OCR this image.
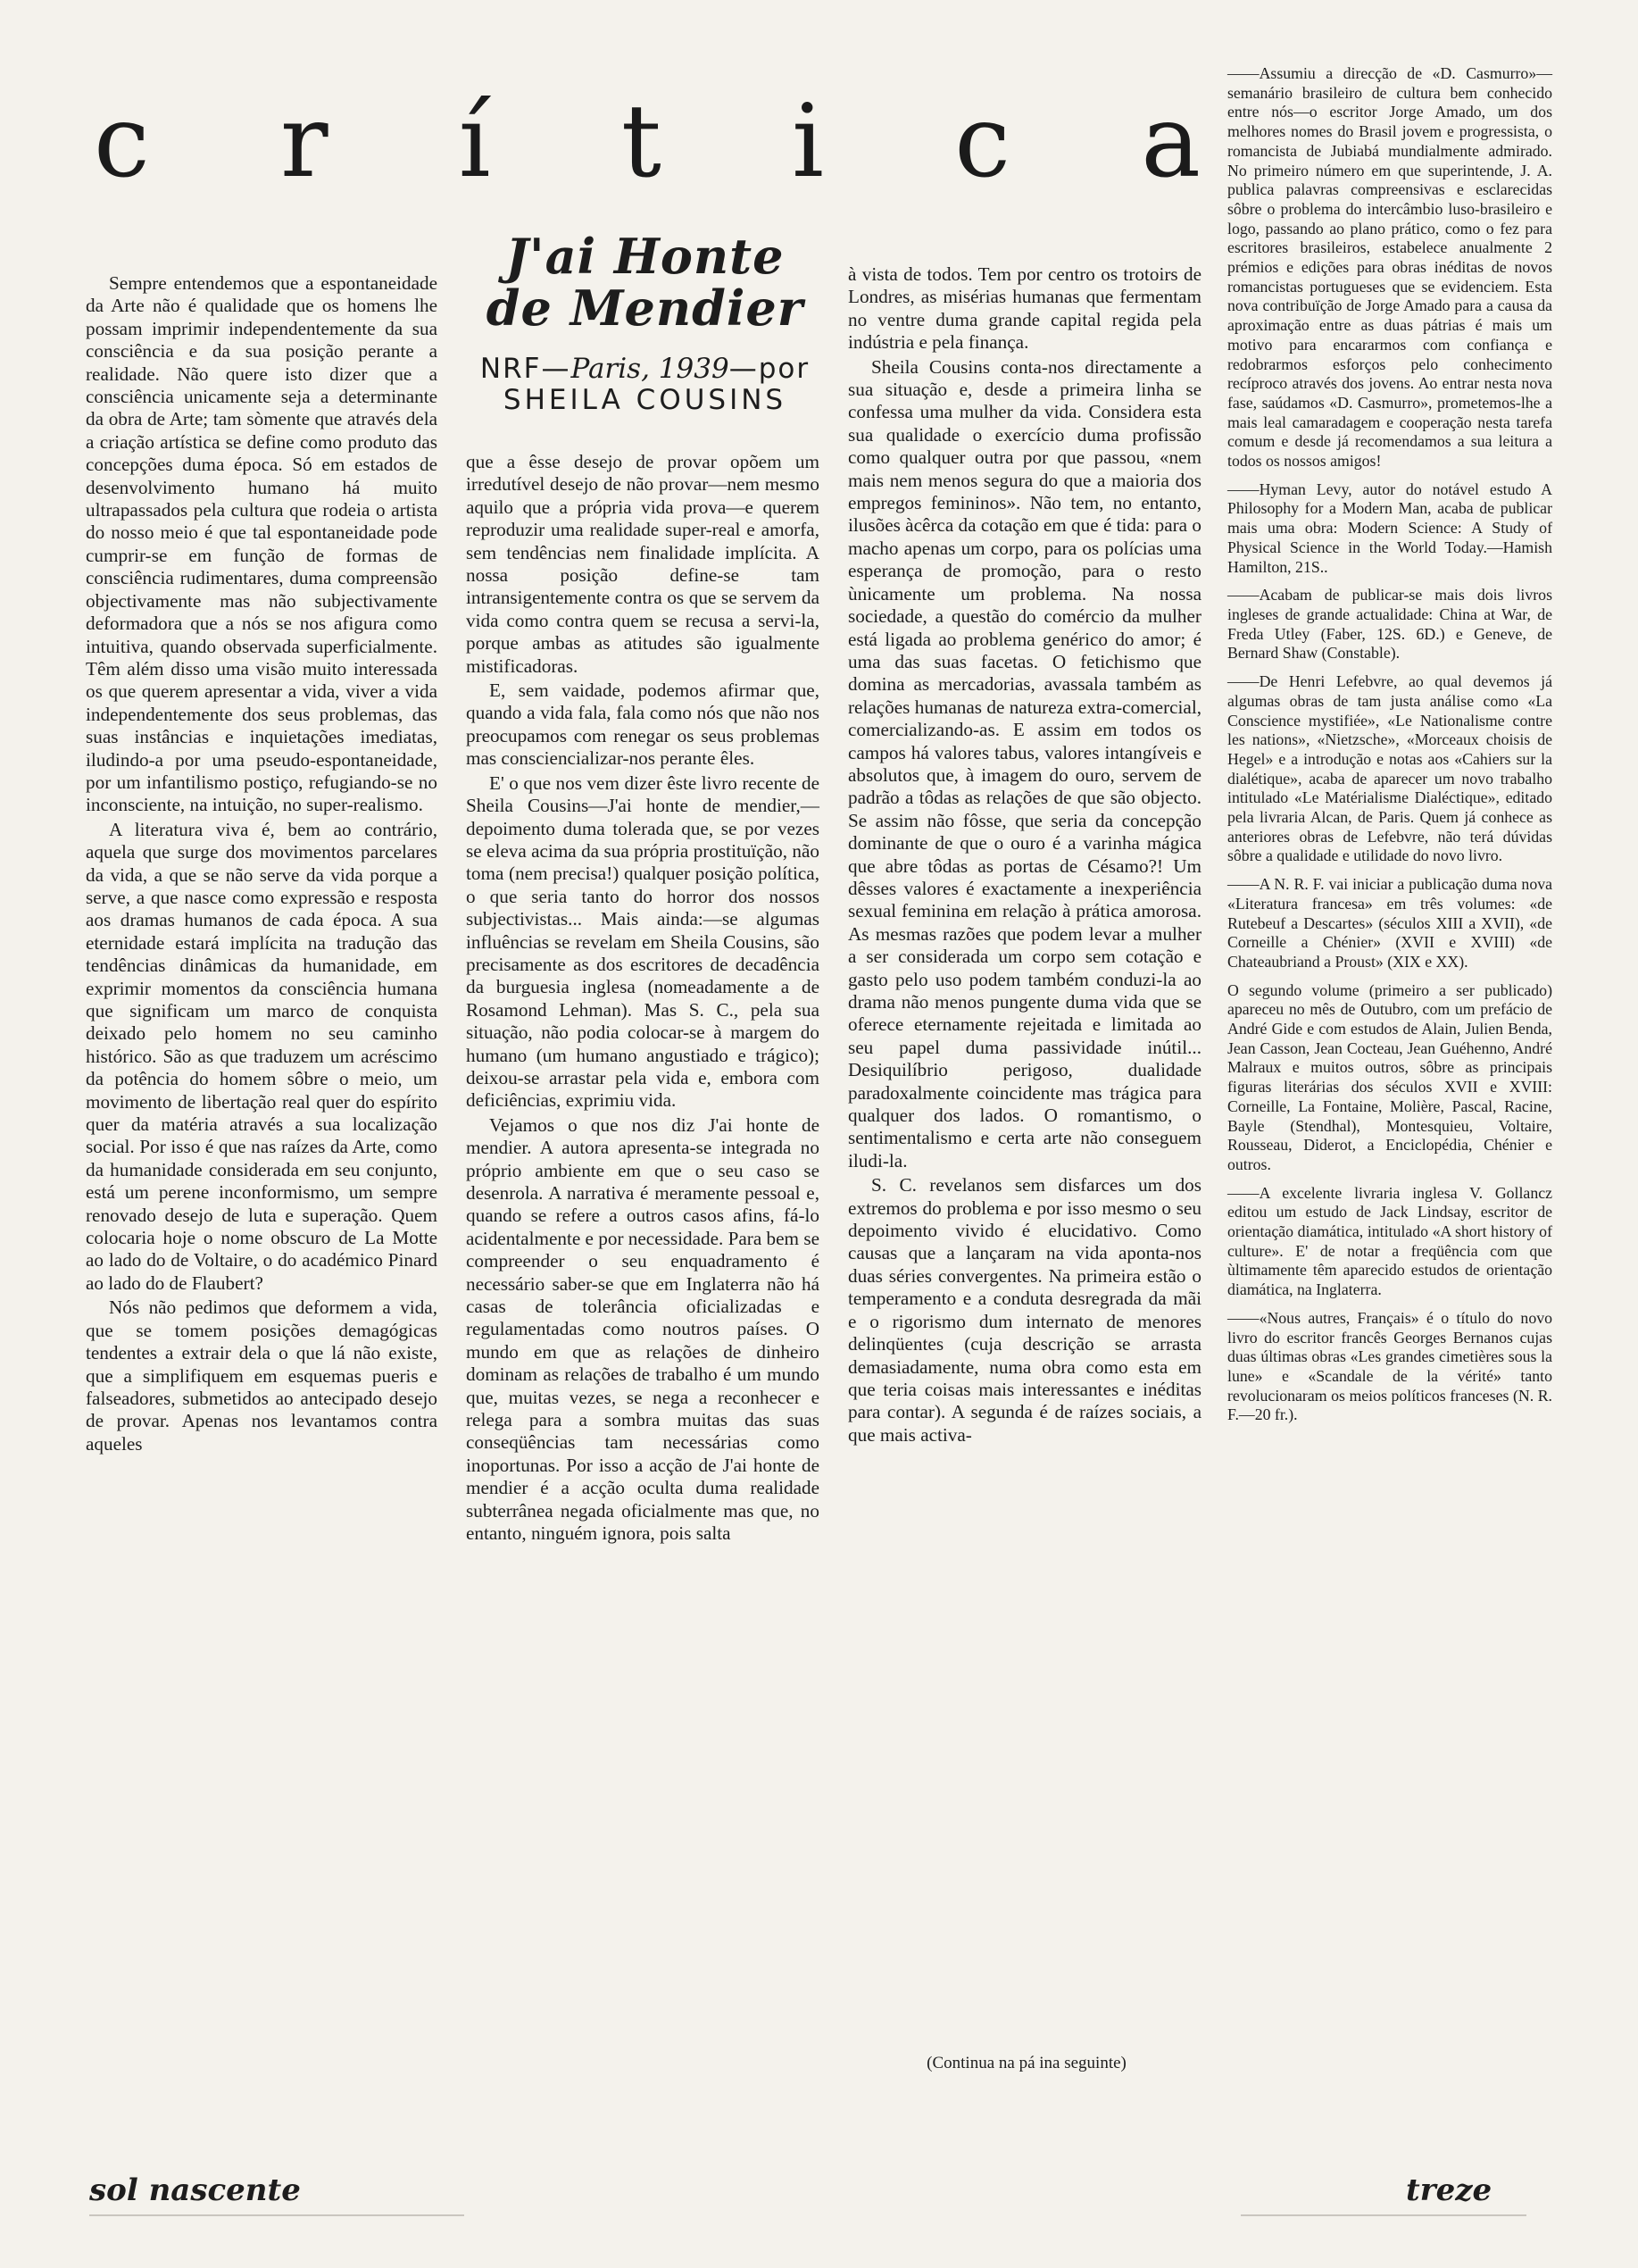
c r í t i c a

Sempre entendemos que a espontaneidade da Arte não é qualidade que os homens lhe possam imprimir independentemente da sua consciência e da sua posição perante a realidade. Não quere isto dizer que a consciência unicamente seja a determinante da obra de Arte; tam sòmente que através dela a criação artística se define como produto das concepções duma época. Só em estados de desenvolvimento humano há muito ultrapassados pela cultura que rodeia o artista do nosso meio é que tal espontaneidade pode cumprir-se em função de formas de consciência rudimentares, duma compreensão objectivamente mas não subjectivamente deformadora que a nós se nos afigura como intuitiva, quando observada superficialmente. Têm além disso uma visão muito interessada os que querem apresentar a vida, viver a vida independentemente dos seus problemas, das suas instâncias e inquietações imediatas, iludindo-a por uma pseudo-espontaneidade, por um infantilismo postiço, refugiando-se no inconsciente, na intuição, no super-realismo.

A literatura viva é, bem ao contrário, aquela que surge dos movimentos parcelares da vida, a que se não serve da vida porque a serve, a que nasce como expressão e resposta aos dramas humanos de cada época. A sua eternidade estará implícita na tradução das tendências dinâmicas da humanidade, em exprimir momentos da consciência humana que significam um marco de conquista deixado pelo homem no seu caminho histórico. São as que traduzem um acréscimo da potência do homem sôbre o meio, um movimento de libertação real quer do espírito quer da matéria através a sua localização social. Por isso é que nas raízes da Arte, como da humanidade considerada em seu conjunto, está um perene inconformismo, um sempre renovado desejo de luta e superação. Quem colocaria hoje o nome obscuro de La Motte ao lado do de Voltaire, o do académico Pinard ao lado do de Flaubert?

Nós não pedimos que deformem a vida, que se tomem posições demagógicas tendentes a extrair dela o que lá não existe, que a simplifiquem em esquemas pueris e falseadores, submetidos ao antecipado desejo de provar. Apenas nos levantamos contra aqueles

J'ai Honte de Mendier
NRF—Paris, 1939—por
SHEILA COUSINS

que a êsse desejo de provar opõem um irredutível desejo de não provar—nem mesmo aquilo que a própria vida prova—e querem reproduzir uma realidade super-real e amorfa, sem tendências nem finalidade implícita. A nossa posição define-se tam intransigentemente contra os que se servem da vida como contra quem se recusa a servi-la, porque ambas as atitudes são igualmente mistificadoras.

E, sem vaidade, podemos afirmar que, quando a vida fala, fala como nós que não nos preocupamos com renegar os seus problemas mas consciencializar-nos perante êles.

E' o que nos vem dizer êste livro recente de Sheila Cousins—J'ai honte de mendier,—depoimento duma tolerada que, se por vezes se eleva acima da sua própria prostituïção, não toma (nem precisa!) qualquer posição política, o que seria tanto do horror dos nossos subjectivistas... Mais ainda:—se algumas influências se revelam em Sheila Cousins, são precisamente as dos escritores de decadência da burguesia inglesa (nomeadamente a de Rosamond Lehman). Mas S. C., pela sua situação, não podia colocar-se à margem do humano (um humano angustiado e trágico); deixou-se arrastar pela vida e, embora com deficiências, exprimiu vida.

Vejamos o que nos diz J'ai honte de mendier. A autora apresenta-se integrada no próprio ambiente em que o seu caso se desenrola. A narrativa é meramente pessoal e, quando se refere a outros casos afins, fá-lo acidentalmente e por necessidade. Para bem se compreender o seu enquadramento é necessário saber-se que em Inglaterra não há casas de tolerância oficializadas e regulamentadas como noutros países. O mundo em que as relações de dinheiro dominam as relações de trabalho é um mundo que, muitas vezes, se nega a reconhecer e relega para a sombra muitas das suas conseqüências tam necessárias como inoportunas. Por isso a acção de J'ai honte de mendier é a acção oculta duma realidade subterrânea negada oficialmente mas que, no entanto, ninguém ignora, pois salta

à vista de todos. Tem por centro os trotoirs de Londres, as misérias humanas que fermentam no ventre duma grande capital regida pela indústria e pela finança.

Sheila Cousins conta-nos directamente a sua situação e, desde a primeira linha se confessa uma mulher da vida. Considera esta sua qualidade o exercício duma profissão como qualquer outra por que passou, «nem mais nem menos segura do que a maioria dos empregos femininos». Não tem, no entanto, ilusões àcêrca da cotação em que é tida: para o macho apenas um corpo, para os polícias uma esperança de promoção, para o resto ùnicamente um problema. Na nossa sociedade, a questão do comércio da mulher está ligada ao problema genérico do amor; é uma das suas facetas. O fetichismo que domina as mercadorias, avassala também as relações humanas de natureza extra-comercial, comercializando-as. E assim em todos os campos há valores tabus, valores intangíveis e absolutos que, à imagem do ouro, servem de padrão a tôdas as relações de que são objecto. Se assim não fôsse, que seria da concepção dominante de que o ouro é a varinha mágica que abre tôdas as portas de Césamo?! Um dêsses valores é exactamente a inexperiência sexual feminina em relação à prática amorosa. As mesmas razões que podem levar a mulher a ser considerada um corpo sem cotação e gasto pelo uso podem também conduzi-la ao drama não menos pungente duma vida que se oferece eternamente rejeitada e limitada ao seu papel duma passividade inútil... Desiquilíbrio perigoso, dualidade paradoxalmente coincidente mas trágica para qualquer dos lados. O romantismo, o sentimentalismo e certa arte não conseguem iludi-la.

S. C. revelanos sem disfarces um dos extremos do problema e por isso mesmo o seu depoimento vivido é elucidativo. Como causas que a lançaram na vida aponta-nos duas séries convergentes. Na primeira estão o temperamento e a conduta desregrada da mãi e o rigorismo dum internato de menores delinqüentes (cuja descrição se arrasta demasiadamente, numa obra como esta em que teria coisas mais interessantes e inéditas para contar). A segunda é de raízes sociais, a que mais activa-

(Continua na pá ina seguinte)

——Assumiu a direcção de «D. Casmurro»—semanário brasileiro de cultura bem conhecido entre nós—o escritor Jorge Amado, um dos melhores nomes do Brasil jovem e progressista, o romancista de Jubiabá mundialmente admirado. No primeiro número em que superintende, J. A. publica palavras compreensivas e esclarecidas sôbre o problema do intercâmbio luso-brasileiro e logo, passando ao plano prático, como o fez para escritores brasileiros, estabelece anualmente 2 prémios e edições para obras inéditas de novos romancistas portugueses que se evidenciem. Esta nova contribuïção de Jorge Amado para a causa da aproximação entre as duas pátrias é mais um motivo para encararmos com confiança e redobrarmos esforços pelo conhecimento recíproco através dos jovens. Ao entrar nesta nova fase, saúdamos «D. Casmurro», prometemos-lhe a mais leal camaradagem e cooperação nesta tarefa comum e desde já recomendamos a sua leitura a todos os nossos amigos!

——Hyman Levy, autor do notável estudo A Philosophy for a Modern Man, acaba de publicar mais uma obra: Modern Science: A Study of Physical Science in the World Today.—Hamish Hamilton, 21S..

——Acabam de publicar-se mais dois livros ingleses de grande actualidade: China at War, de Freda Utley (Faber, 12S. 6D.) e Geneve, de Bernard Shaw (Constable).

——De Henri Lefebvre, ao qual devemos já algumas obras de tam justa análise como «La Conscience mystifiée», «Le Nationalisme contre les nations», «Nietzsche», «Morceaux choisis de Hegel» e a introdução e notas aos «Cahiers sur la dialétique», acaba de aparecer um novo trabalho intitulado «Le Matérialisme Dialéctique», editado pela livraria Alcan, de Paris. Quem já conhece as anteriores obras de Lefebvre, não terá dúvidas sôbre a qualidade e utilidade do novo livro.

——A N. R. F. vai iniciar a publicação duma nova «Literatura francesa» em três volumes: «de Rutebeuf a Descartes» (séculos XIII a XVII), «de Corneille a Chénier» (XVII e XVIII) «de Chateaubriand a Proust» (XIX e XX).

O segundo volume (primeiro a ser publicado) apareceu no mês de Outubro, com um prefácio de André Gide e com estudos de Alain, Julien Benda, Jean Casson, Jean Cocteau, Jean Guéhenno, André Malraux e muitos outros, sôbre as principais figuras literárias dos séculos XVII e XVIII: Corneille, La Fontaine, Molière, Pascal, Racine, Bayle (Stendhal), Montesquieu, Voltaire, Rousseau, Diderot, a Enciclopédia, Chénier e outros.

——A excelente livraria inglesa V. Gollancz editou um estudo de Jack Lindsay, escritor de orientação diamática, intitulado «A short history of culture». E' de notar a freqüência com que ùltimamente têm aparecido estudos de orientação diamática, na Inglaterra.

——«Nous autres, Français» é o título do novo livro do escritor francês Georges Bernanos cujas duas últimas obras «Les grandes cimetières sous la lune» e «Scandale de la vérité» tanto revolucionaram os meios políticos franceses (N. R. F.—20 fr.).

sol nascente	treze
